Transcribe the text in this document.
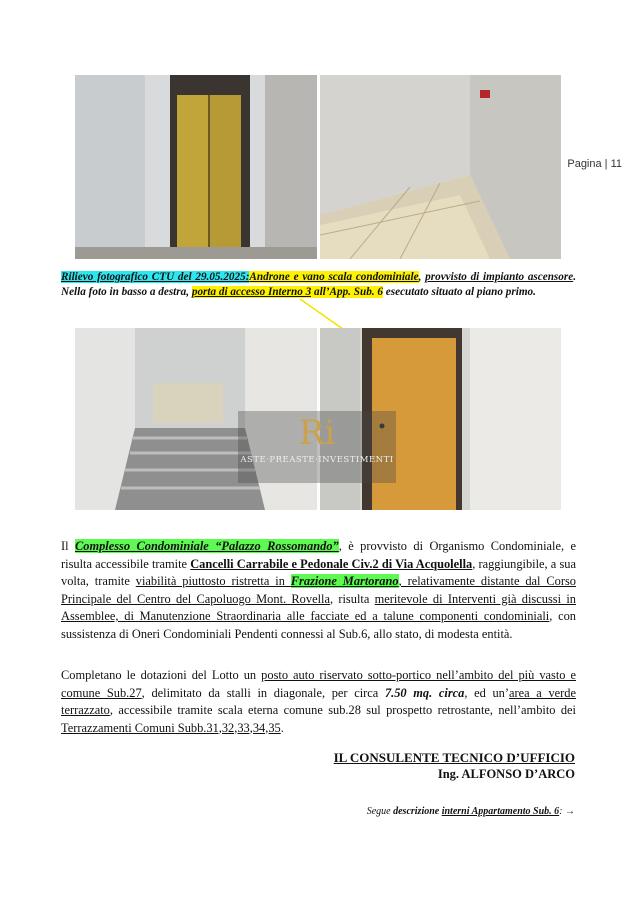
Pagina | 11
Rilievo fotografico CTU del 29.05.2025:Androne e vano scala condominiale, provvisto di impianto ascensore. Nella foto in basso a destra, porta di accesso Interno 3 all’App. Sub. 6 esecutato situato al piano primo.
Ri
ASTE·PREASTE·INVESTIMENTI
Il Complesso Condominiale “Palazzo Rossomando”, è provvisto di Organismo Condominiale, e risulta accessibile tramite Cancelli Carrabile e Pedonale Civ.2 di Via Acquolella, raggiungibile, a sua volta, tramite viabilità piuttosto ristretta in Frazione Martorano, relativamente distante dal Corso Principale del Centro del Capoluogo Mont. Rovella, risulta meritevole di Interventi già discussi in Assemblee, di Manutenzione Straordinaria alle facciate ed a talune componenti condominiali, con sussistenza di Oneri Condominiali Pendenti connessi al Sub.6, allo stato, di modesta entità.
Completano le dotazioni del Lotto un posto auto riservato sotto-portico nell’ambito del più vasto e comune Sub.27, delimitato da stalli in diagonale, per circa 7.50 mq. circa, ed un’area a verde terrazzato, accessibile tramite scala eterna comune sub.28 sul prospetto retrostante, nell’ambito dei Terrazzamenti Comuni Subb.31,32,33,34,35.
IL CONSULENTE TECNICO D’UFFICIO
Ing. ALFONSO D’ARCO
Segue descrizione interni Appartamento Sub. 6: →
